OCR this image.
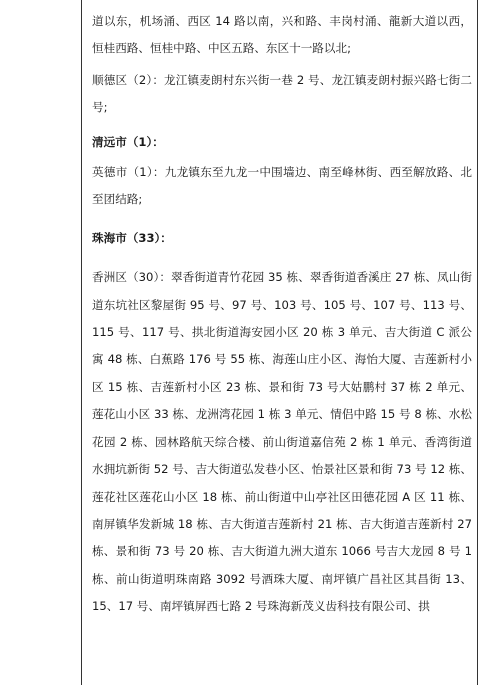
道以东，机场涌、西区 14 路以南，兴和路、丰岗村涌、龍新大道以西，恒桂西路、恒桂中路、中区五路、东区十一路以北;

顺德区（2）：龙江镇麦朗村东兴街一巷 2 号、龙江镇麦朗村振兴路七街二号;

清远市（1）：

英德市（1）：九龙镇东至九龙一中围墙边、南至峰林街、西至解放路、北至团结路;

珠海市（33）：

香洲区（30）：翠香街道青竹花园 35 栋、翠香街道香溪庄 27 栋、凤山街道东坑社区黎屋街 95 号、97 号、103 号、105 号、107 号、113 号、115 号、117 号、拱北街道海安园小区 20 栋 3 单元、吉大街道 C 派公寓 48 栋、白蕉路 176 号 55 栋、海莲山庄小区、海怡大厦、吉莲新村小区 15 栋、吉莲新村小区 23 栋、景和街 73 号大姑鹏村 37 栋 2 单元、莲花山小区 33 栋、龙洲湾花园 1 栋 3 单元、情侣中路 15 号 8 栋、水松花园 2 栋、园林路航天综合楼、前山街道嘉信苑 2 栋 1 单元、香湾街道水拥坑新街 52 号、吉大街道弘发巷小区、怡景社区景和街 73 号 12 栋、莲花社区莲花山小区 18 栋、前山街道中山亭社区田德花园 A 区 11 栋、南屏镇华发新城 18 栋、吉大街道吉莲新村 21 栋、吉大街道吉莲新村 27 栋、景和街 73 号 20 栋、吉大街道九洲大道东 1066 号吉大龙园 8 号 1 栋、前山街道明珠南路 3092 号酒珠大厦、南坪镇广昌社区其昌街 13、15、17 号、南坪镇屏西七路 2 号珠海新茂义齿科技有限公司、拱
